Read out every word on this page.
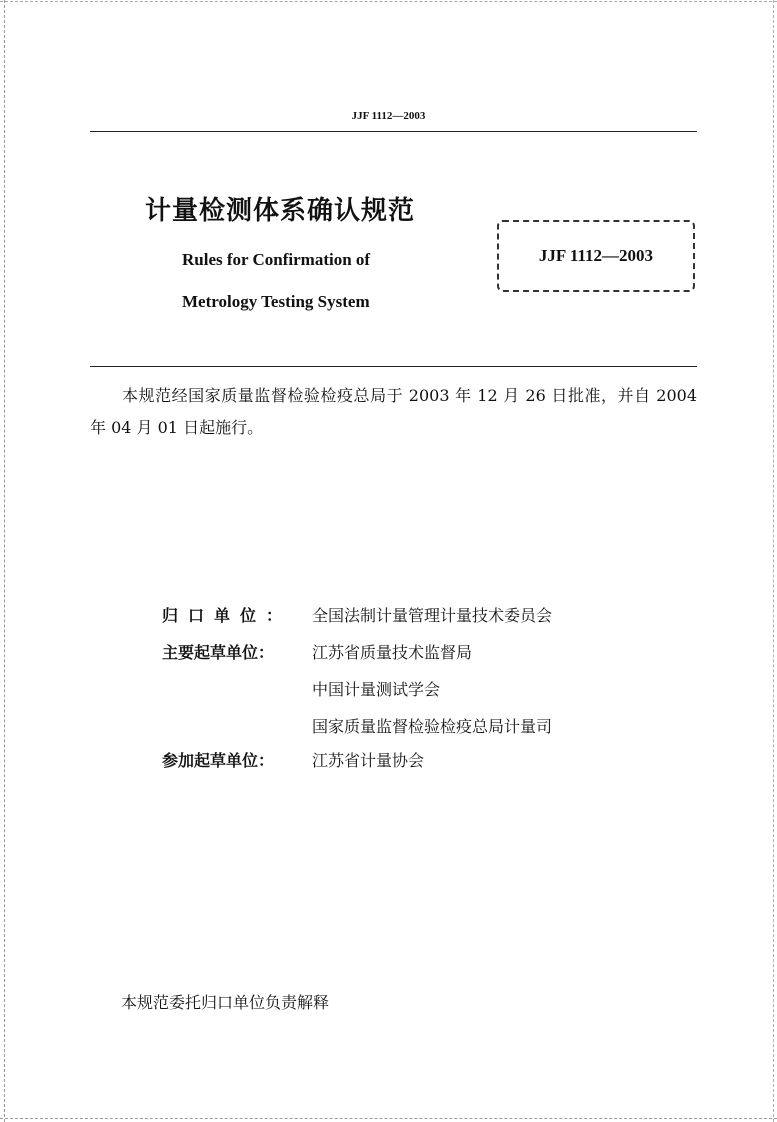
JJF 1112—2003
计量检测体系确认规范
Rules for Confirmation of
Metrology Testing System
JJF 1112—2003
本规范经国家质量监督检验检疫总局于 2003 年 12 月 26 日批准，并自 2004 年 04 月 01 日起施行。
归口单位： 全国法制计量管理计量技术委员会
主要起草单位：	江苏省质量技术监督局
中国计量测试学会
国家质量监督检验检疫总局计量司
参加起草单位：	江苏省计量协会
本规范委托归口单位负责解释
